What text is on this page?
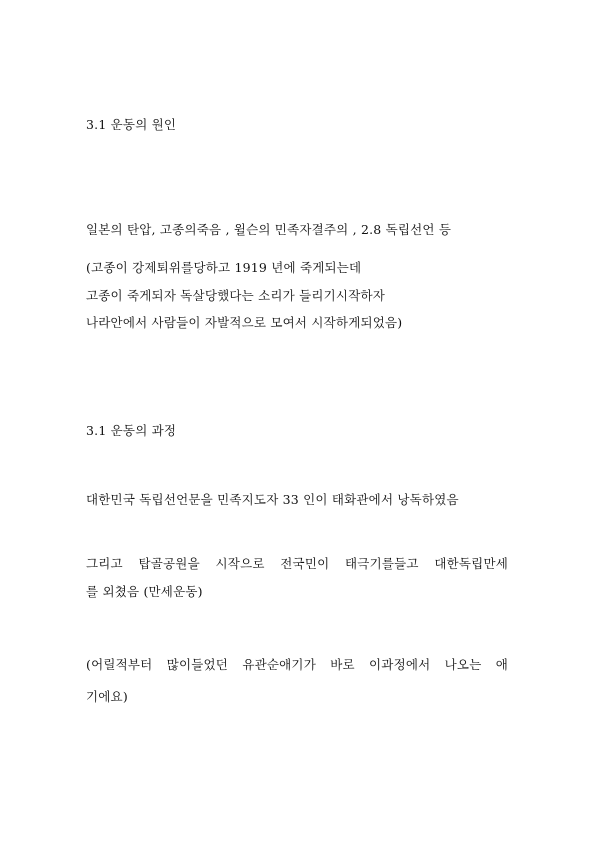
3.1 운동의 원인

일본의 탄압, 고종의죽음 , 윌슨의 민족자결주의 , 2.8 독립선언 등

(고종이 강제퇴위를당하고 1919 년에 죽게되는데

고종이 죽게되자 독살당했다는 소리가 들리기시작하자

나라안에서 사람들이 자발적으로 모여서 시작하게되었음)

3.1 운동의 과정

대한민국 독립선언문을 민족지도자 33 인이 태화관에서 낭독하였음

그리고 탑골공원을 시작으로 전국민이 태극기를들고 대한독립만세

를 외쳤음 (만세운동)

(어릴적부터 많이들었던 유관순애기가 바로 이과정에서 나오는 애

기에요)
